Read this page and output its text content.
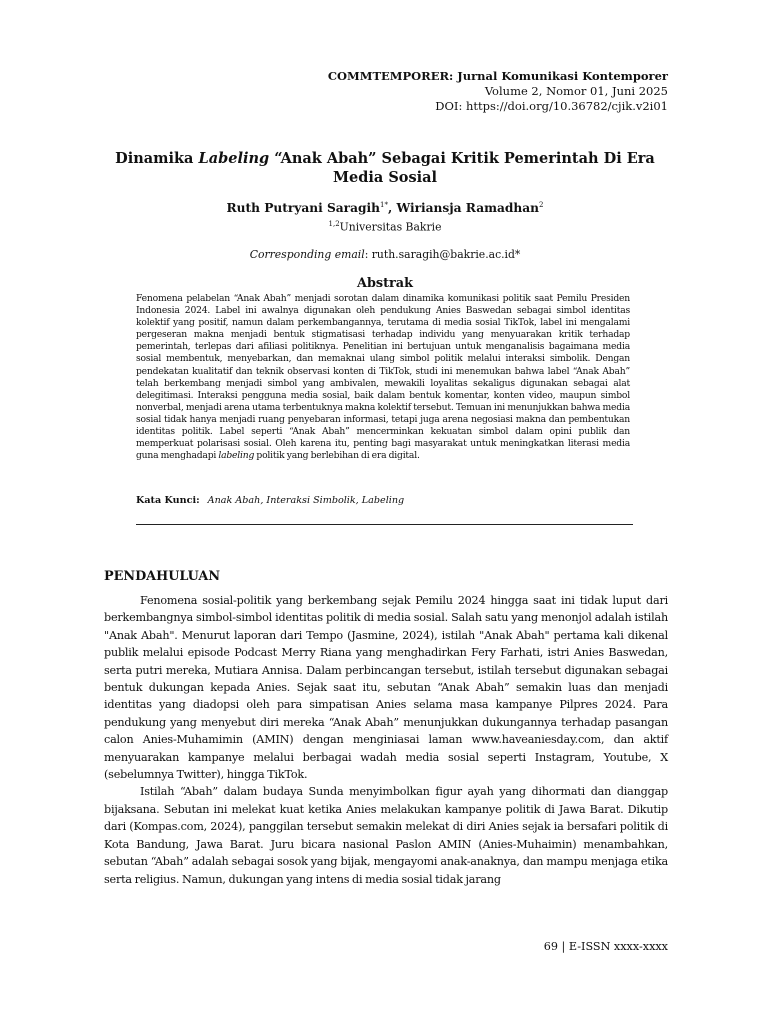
COMMTEMPORER: Jurnal Komunikasi Kontemporer
Volume 2, Nomor 01, Juni 2025
DOI: https://doi.org/10.36782/cjik.v2i01
Dinamika Labeling “Anak Abah” Sebagai Kritik Pemerintah Di Era Media Sosial
Ruth Putryani Saragih$^{1*}$, Wiriansja Ramadhan$^2$
$^{1,2}$Universitas Bakrie
Corresponding email: ruth.saragih@bakrie.ac.id*
Abstrak
Fenomena pelabelan “Anak Abah” menjadi sorotan dalam dinamika komunikasi politik saat Pemilu Presiden Indonesia 2024. Label ini awalnya digunakan oleh pendukung Anies Baswedan sebagai simbol identitas kolektif yang positif, namun dalam perkembangannya, terutama di media sosial TikTok, label ini mengalami pergeseran makna menjadi bentuk stigmatisasi terhadap individu yang menyuarakan kritik terhadap pemerintah, terlepas dari afiliasi politiknya. Penelitian ini bertujuan untuk menganalisis bagaimana media sosial membentuk, menyebarkan, dan memaknai ulang simbol politik melalui interaksi simbolik. Dengan pendekatan kualitatif dan teknik observasi konten di TikTok, studi ini menemukan bahwa label “Anak Abah” telah berkembang menjadi simbol yang ambivalen, mewakili loyalitas sekaligus digunakan sebagai alat delegitimasi. Interaksi pengguna media sosial, baik dalam bentuk komentar, konten video, maupun simbol nonverbal, menjadi arena utama terbentuknya makna kolektif tersebut. Temuan ini menunjukkan bahwa media sosial tidak hanya menjadi ruang penyebaran informasi, tetapi juga arena negosiasi makna dan pembentukan identitas politik. Label seperti “Anak Abah” mencerminkan kekuatan simbol dalam opini publik dan memperkuat polarisasi sosial. Oleh karena itu, penting bagi masyarakat untuk meningkatkan literasi media guna menghadapi labeling politik yang berlebihan di era digital.
Kata Kunci: Anak Abah, Interaksi Simbolik, Labeling
PENDAHULUAN

Fenomena sosial-politik yang berkembang sejak Pemilu 2024 hingga saat ini tidak luput dari berkembangnya simbol-simbol identitas politik di media sosial. Salah satu yang menonjol adalah istilah "Anak Abah". Menurut laporan dari Tempo (Jasmine, 2024), istilah "Anak Abah" pertama kali dikenal publik melalui episode Podcast Merry Riana yang menghadirkan Fery Farhati, istri Anies Baswedan, serta putri mereka, Mutiara Annisa. Dalam perbincangan tersebut, istilah tersebut digunakan sebagai bentuk dukungan kepada Anies. Sejak saat itu, sebutan “Anak Abah” semakin luas dan menjadi identitas yang diadopsi oleh para simpatisan Anies selama masa kampanye Pilpres 2024. Para pendukung yang menyebut diri mereka “Anak Abah” menunjukkan dukungannya terhadap pasangan calon Anies-Muhamimin (AMIN) dengan menginiasai laman www.haveaniesday.com, dan aktif menyuarakan kampanye melalui berbagai wadah media sosial seperti Instagram, Youtube, X (sebelumnya Twitter), hingga TikTok.

Istilah “Abah” dalam budaya Sunda menyimbolkan figur ayah yang dihormati dan dianggap bijaksana. Sebutan ini melekat kuat ketika Anies melakukan kampanye politik di Jawa Barat. Dikutip dari (Kompas.com, 2024), panggilan tersebut semakin melekat di diri Anies sejak ia bersafari politik di Kota Bandung, Jawa Barat. Juru bicara nasional Paslon AMIN (Anies-Muhaimin) menambahkan, sebutan “Abah” adalah sebagai sosok yang bijak, mengayomi anak-anaknya, dan mampu menjaga etika serta religius. Namun, dukungan yang intens di media sosial tidak jarang

69 | E-ISSN xxxx-xxxx
